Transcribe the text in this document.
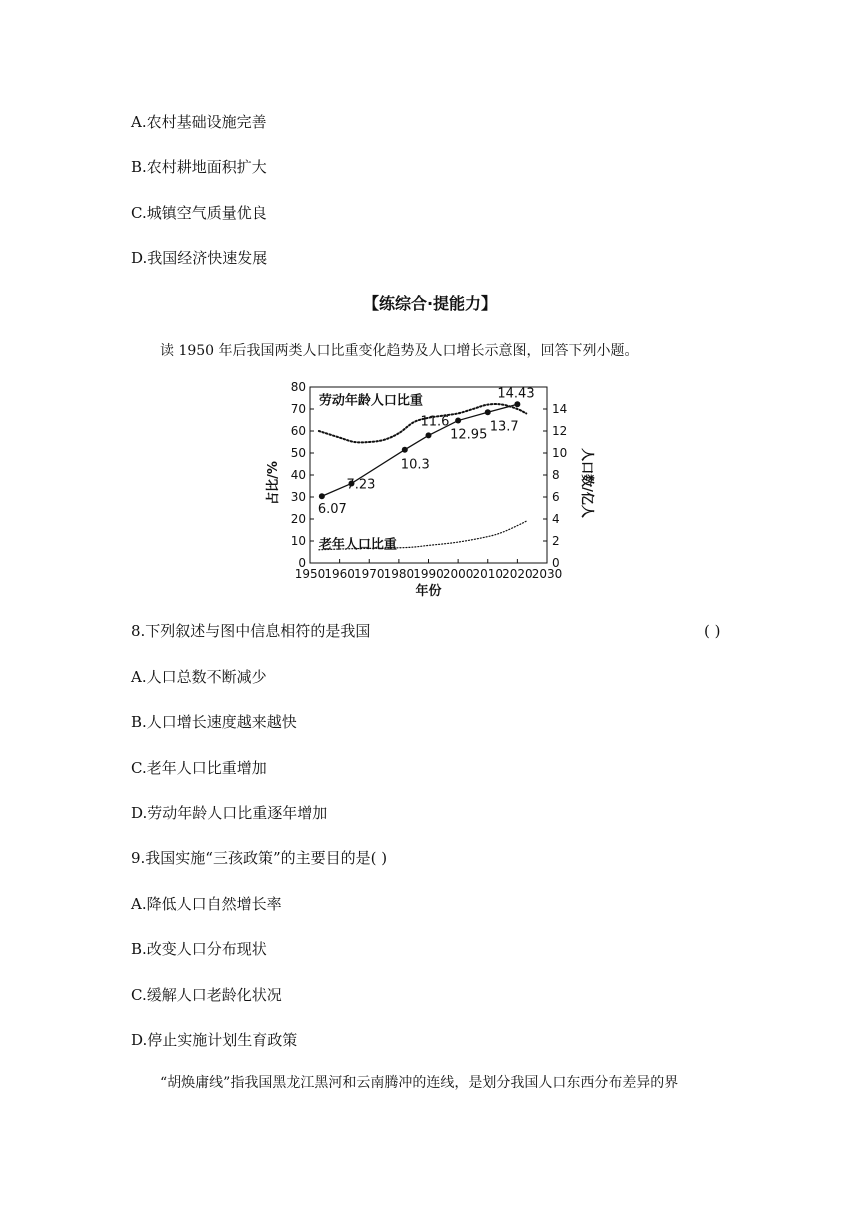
A.农村基础设施完善
B.农村耕地面积扩大
C.城镇空气质量优良
D.我国经济快速发展
【练综合·提能力】
读 1950 年后我国两类人口比重变化趋势及人口增长示意图，回答下列小题。
1950 1960 1970 1980 1990 2000 2010 2020 2030
0
10
20
30
40
50
60
70
80
0
2
4
6
8
10
12
14
年份
占比/%	人口数/亿人
劳动年龄人口比重
老年人口比重
6.07
7.23
10.3
11.6
12.95
13.7
14.43
8.下列叙述与图中信息相符的是我国	( )
A.人口总数不断减少
B.人口增长速度越来越快
C.老年人口比重增加
D.劳动年龄人口比重逐年增加
9.我国实施“三孩政策”的主要目的是( )
A.降低人口自然增长率
B.改变人口分布现状
C.缓解人口老龄化状况
D.停止实施计划生育政策
“胡焕庸线”指我国黑龙江黑河和云南腾冲的连线，是划分我国人口东西分布差异的界
